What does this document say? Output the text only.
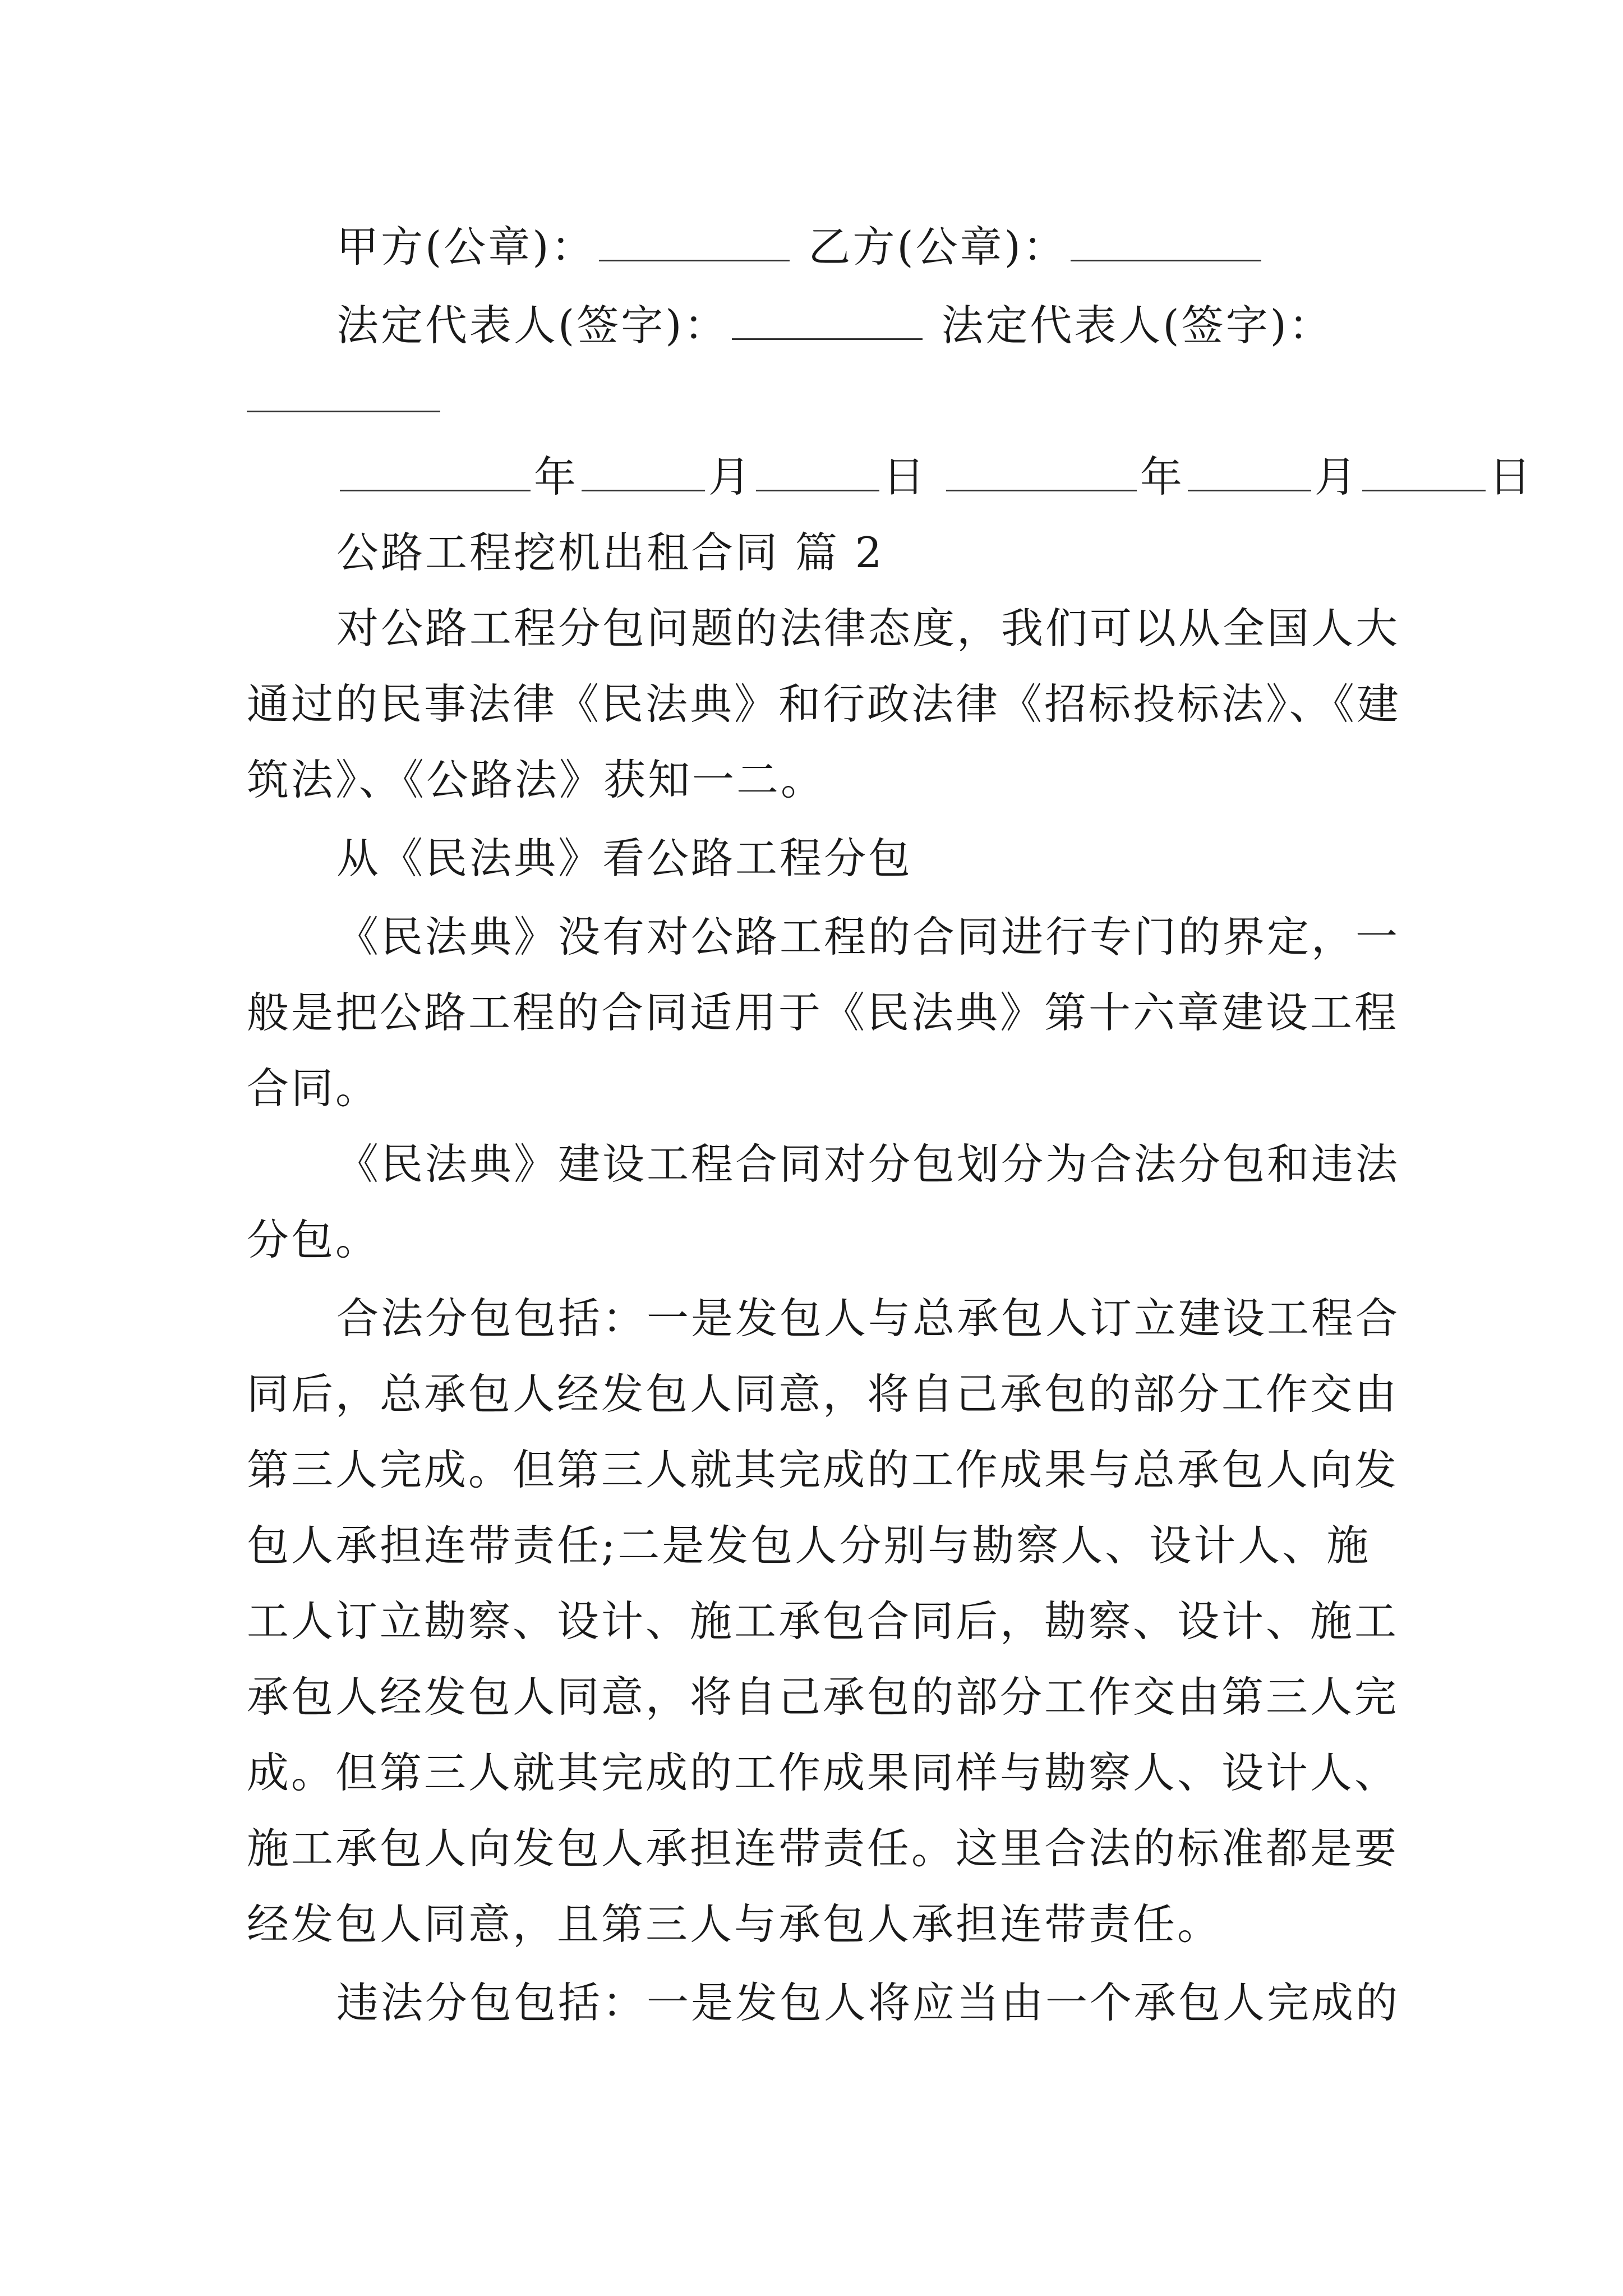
甲方(公章)：	乙方(公章)：
法定代表人(签字)：	法定代表人(签字)：
年	月	日	年	月	日
公路工程挖机出租合同 篇 2
对公路工程分包问题的法律态度，我们可以从全国人大
通过的民事法律《民法典》和行政法律《招标投标法》、《建
筑法》、《公路法》获知一二。
从《民法典》看公路工程分包
《民法典》没有对公路工程的合同进行专门的界定，一
般是把公路工程的合同适用于《民法典》第十六章建设工程
合同。
《民法典》建设工程合同对分包划分为合法分包和违法
分包。
合法分包包括：一是发包人与总承包人订立建设工程合
同后，总承包人经发包人同意，将自己承包的部分工作交由
第三人完成。但第三人就其完成的工作成果与总承包人向发
包人承担连带责任;二是发包人分别与勘察人、设计人、施
工人订立勘察、设计、施工承包合同后，勘察、设计、施工
承包人经发包人同意，将自己承包的部分工作交由第三人完
成。但第三人就其完成的工作成果同样与勘察人、设计人、
施工承包人向发包人承担连带责任。这里合法的标准都是要
经发包人同意，且第三人与承包人承担连带责任。
违法分包包括：一是发包人将应当由一个承包人完成的
